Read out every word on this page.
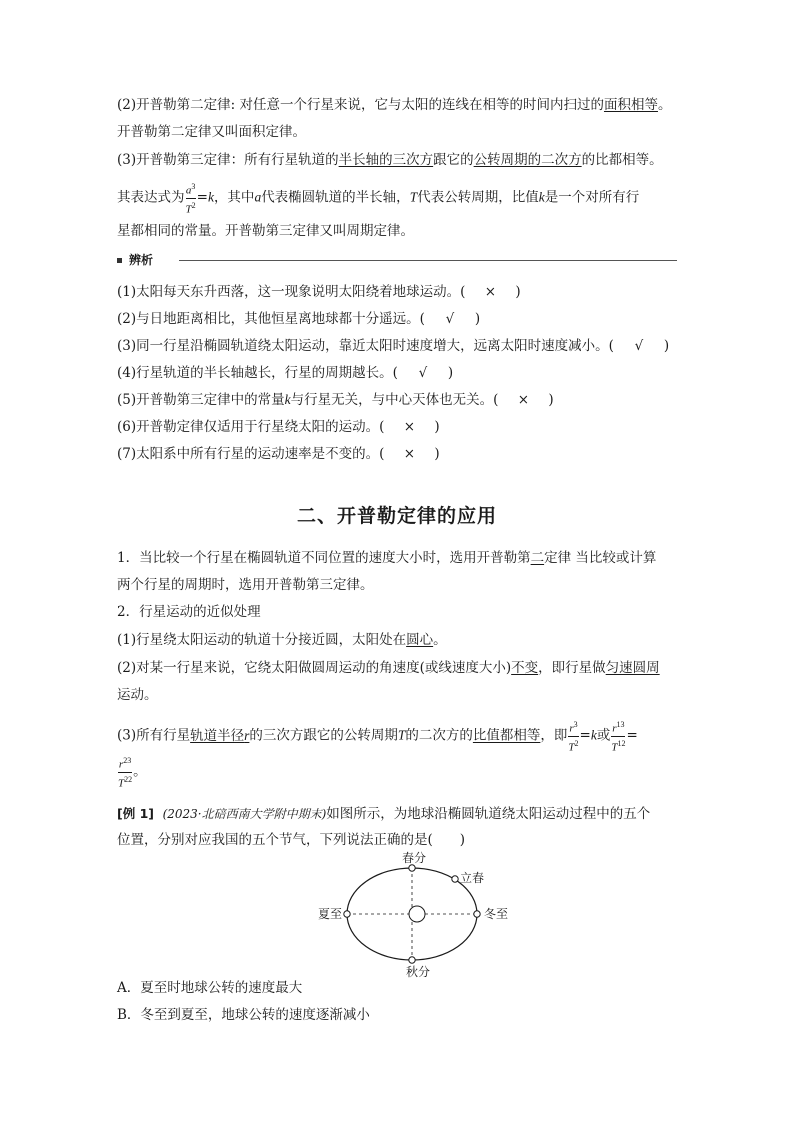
(2)开普勒第二定律: 对任意一个行星来说，它与太阳的连线在相等的时间内扫过的面积相等。
开普勒第二定律又叫面积定律。
(3)开普勒第三定律：所有行星轨道的半长轴的三次方跟它的公转周期的二次方的比都相等。
其表达式为 $\frac{a^3}{T^2} =k$，其中a代表椭圆轨道的半长轴，T代表公转周期，比值k是一个对所有行
星都相同的常量。开普勒第三定律又叫周期定律。
辨析
(1)太阳每天东升西落，这一现象说明太阳绕着地球运动。( × )
(2)与日地距离相比，其他恒星离地球都十分遥远。( √ )
(3)同一行星沿椭圆轨道绕太阳运动，靠近太阳时速度增大，远离太阳时速度减小。( √ )
(4)行星轨道的半长轴越长，行星的周期越长。( √ )
(5)开普勒第三定律中的常量k与行星无关，与中心天体也无关。( × )
(6)开普勒定律仅适用于行星绕太阳的运动。( × )
(7)太阳系中所有行星的运动速率是不变的。( × )
二、开普勒定律的应用
1．当比较一个行星在椭圆轨道不同位置的速度大小时，选用开普勒第二定律 当比较或计算
两个行星的周期时，选用开普勒第三定律。
2．行星运动的近似处理
(1)行星绕太阳运动的轨道十分接近圆，太阳处在圆心。
(2)对某一行星来说，它绕太阳做圆周运动的角速度(或线速度大小)不变，即行星做匀速圆周
运动。
(3)所有行星轨道半径r的三次方跟它的公转周期T的二次方的比值都相等，即 $\frac{r^3}{T^2} =k$或 $\frac{r^{13}}{T^{12}}$ =
$\frac{r^{23}}{T^{22}}$ 。
[例 1] (2023·北碚西南大学附中期末)如图所示，为地球沿椭圆轨道绕太阳运动过程中的五个
位置，分别对应我国的五个节气，下列说法正确的是(　　)
春分
立春
夏至	冬至
秋分
A．夏至时地球公转的速度最大
B．冬至到夏至，地球公转的速度逐渐减小
